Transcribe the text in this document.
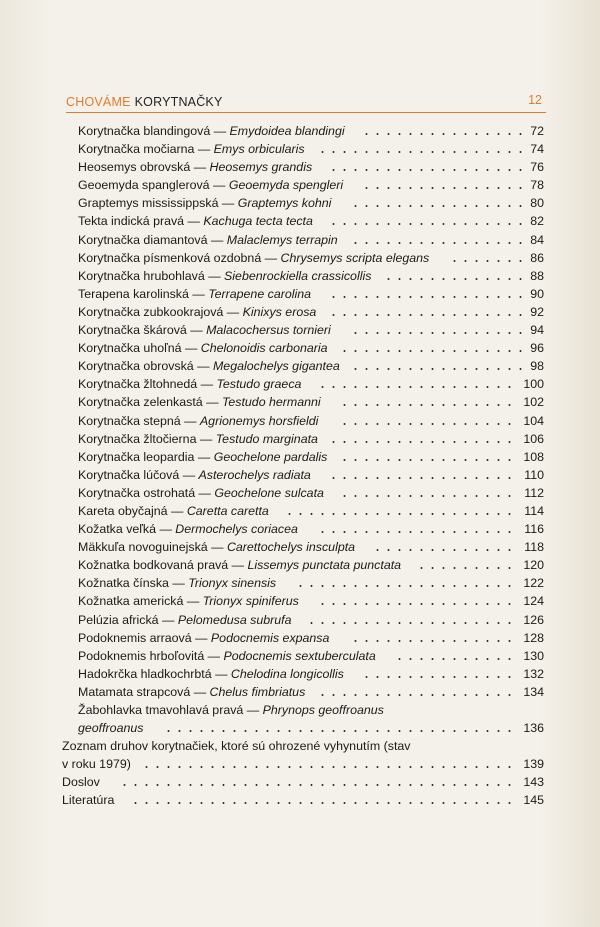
CHOVÁME KORYTNAČKY	12
Korytnačka blandingová — Emydoidea blandingi	72
Korytnačka močiarna — Emys orbicularis	74
Heosemys obrovská — Heosemys grandis	76
Geoemyda spanglerová — Geoemyda spengleri	78
Graptemys mississippská — Graptemys kohni	80
Tekta indická pravá — Kachuga tecta tecta	82
Korytnačka diamantová — Malaclemys terrapin	84
Korytnačka písmenková ozdobná — Chrysemys scripta elegans	86
Korytnačka hrubohlavá — Siebenrockiella crassicollis	88
Terapena karolinská — Terrapene carolina	90
Korytnačka zubkookrajová — Kinixys erosa	92
Korytnačka škárová — Malacochersus tornieri	94
Korytnačka uhoľná — Chelonoidis carbonaria	96
Korytnačka obrovská — Megalochelys gigantea	98
Korytnačka žltohnedá — Testudo graeca	100
Korytnačka zelenkastá — Testudo hermanni	102
Korytnačka stepná — Agrionemys horsfieldi	104
Korytnačka žltočierna — Testudo marginata	106
Korytnačka leopardia — Geochelone pardalis	108
Korytnačka lúčová — Asterochelys radiata	110
Korytnačka ostrohatá — Geochelone sulcata	112
Kareta obyčajná — Caretta caretta	114
Kožatka veľká — Dermochelys coriacea	116
Mäkkuľa novoguinejská — Carettochelys insculpta	118
Kožnatka bodkovaná pravá — Lissemys punctata punctata	120
Kožnatka čínska — Trionyx sinensis	122
Kožnatka americká — Trionyx spiniferus	124
Pelúzia africká — Pelomedusa subrufa	126
Podoknemis arraová — Podocnemis expansa	128
Podoknemis hrboľovitá — Podocnemis sextuberculata	130
Hadokrčka hladkochrbtá — Chelodina longicollis	132
Matamata strapcová — Chelus fimbriatus	134
Žabohlavka tmavohlavá pravá — Phrynops geoffroanus
geoffroanus	136
Zoznam druhov korytnačiek, ktoré sú ohrozené vyhynutím (stav
v roku 1979)	139
Doslov	143
Literatúra	145
